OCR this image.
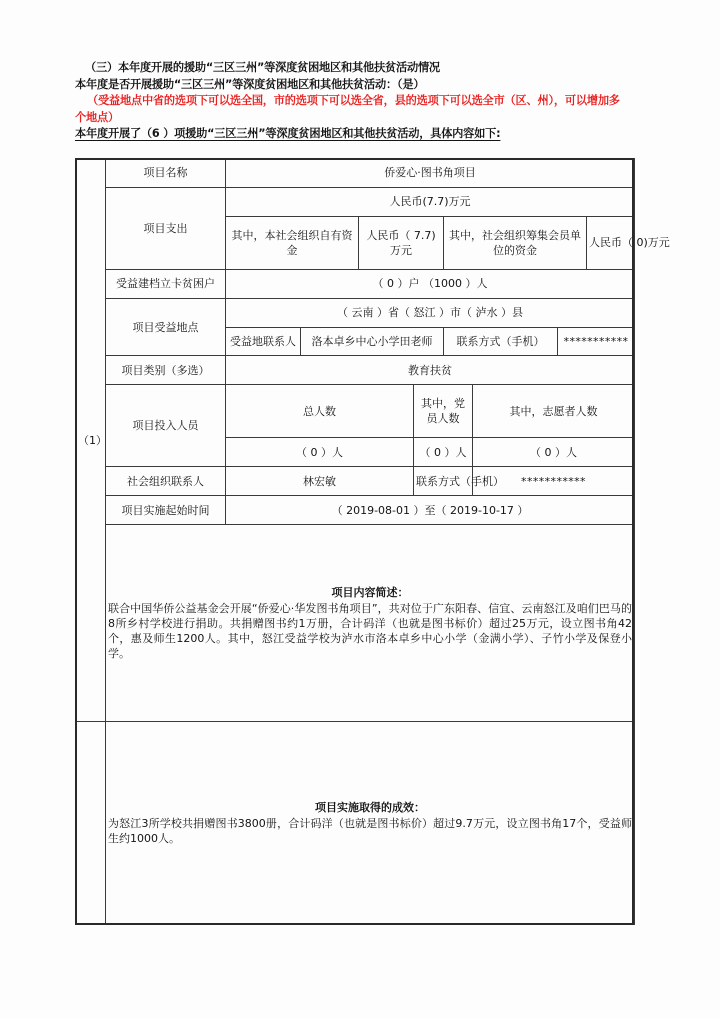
（三）本年度开展的援助“三区三州”等深度贫困地区和其他扶贫活动情况
本年度是否开展援助“三区三州”等深度贫困地区和其他扶贫活动：（是）
（受益地点中省的选项下可以选全国，市的选项下可以选全省，县的选项下可以选全市（区、州），可以增加多
个地点）
本年度开展了（6 ）项援助“三区三州”等深度贫困地区和其他扶贫活动，具体内容如下:
（1）	项目名称	侨爱心·图书角项目							
	项目支出	人民币(7.7)万元							
		其中，本社会组织自有资金		人民币（ 7.7)万元		其中，社会组织筹集会员单位的资金			人民币（ 0)万元
	受益建档立卡贫困户	（ 0 ）户 （1000 ）人							
	项目受益地点	（ 云南 ）省（ 怒江 ）市（ 泸水 ）县							
		受益地联系人	洛本卓乡中心小学田老师			联系方式（手机）		***********	
	项目类别（多选）	教育扶贫							
	项目投入人员	总人数			其中，党员人数		其中，志愿者人数		
		（ 0 ）人			（ 0 ）人		（ 0 ）人		
	社会组织联系人	林宏敏			联系方式（手机）		***********		
	项目实施起始时间	（ 2019-08-01 ）至（ 2019-10-17 ）							

	项目内容简述：
联合中国华侨公益基金会开展“侨爱心·华发图书角项目”，共对位于广东阳春、信宜、云南怒江及咱们巴马的8所乡村学校进行捐助。共捐赠图书约1万册，合计码洋（也就是图书标价）超过25万元，设立图书角42个，惠及师生1200人。其中，怒江受益学校为泸水市洛本卓乡中心小学（金满小学）、子竹小学及保登小学。								

	项目实施取得的成效：
为怒江3所学校共捐赠图书3800册，合计码洋（也就是图书标价）超过9.7万元，设立图书角17个，受益师生约1000人。								
